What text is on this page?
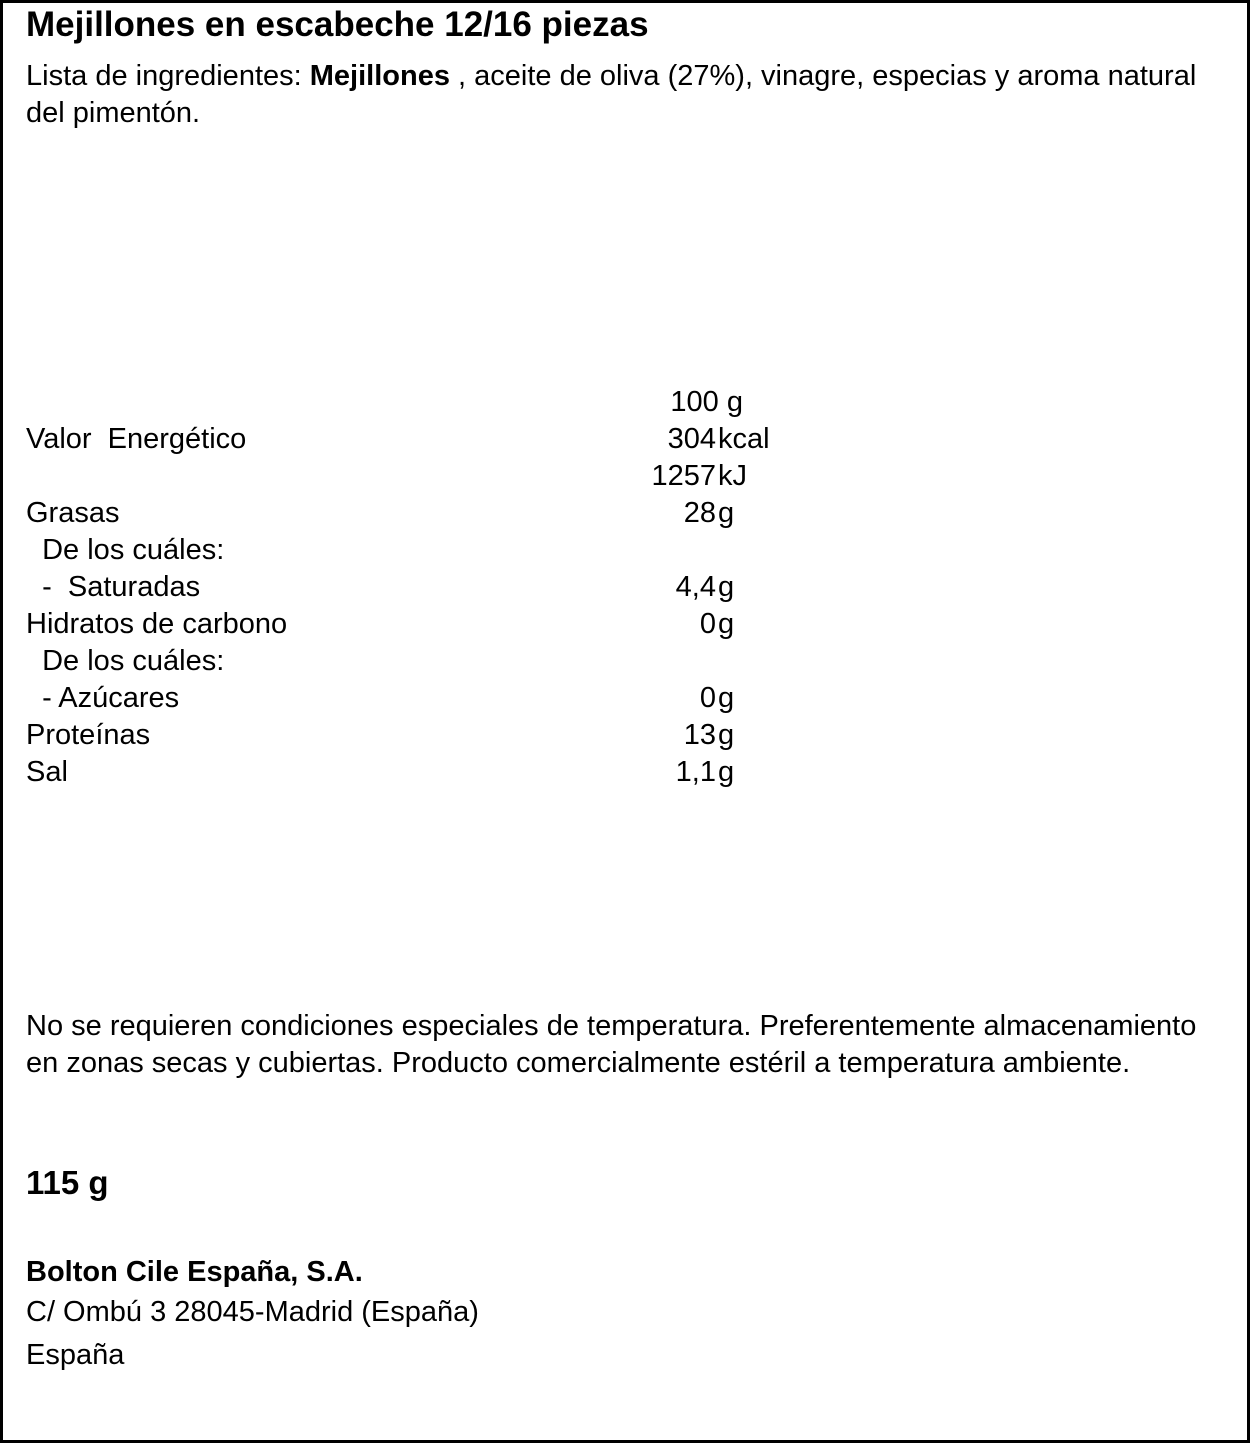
Mejillones en escabeche 12/16 piezas
Lista de ingredientes: Mejillones , aceite de oliva (27%), vinagre, especias y aroma natural del pimentón.
100 g
Valor  Energético	304 kcal
1257 kJ
Grasas	28 g
De los cuáles:
-  Saturadas	4,4 g
Hidratos de carbono	0 g
De los cuáles:
- Azúcares	0 g
Proteínas	13 g
Sal	1,1 g
No se requieren condiciones especiales de temperatura. Preferentemente almacenamiento en zonas secas y cubiertas. Producto comercialmente estéril a temperatura ambiente.
115 g
Bolton Cile España, S.A.
C/ Ombú 3 28045-Madrid (España)
España
